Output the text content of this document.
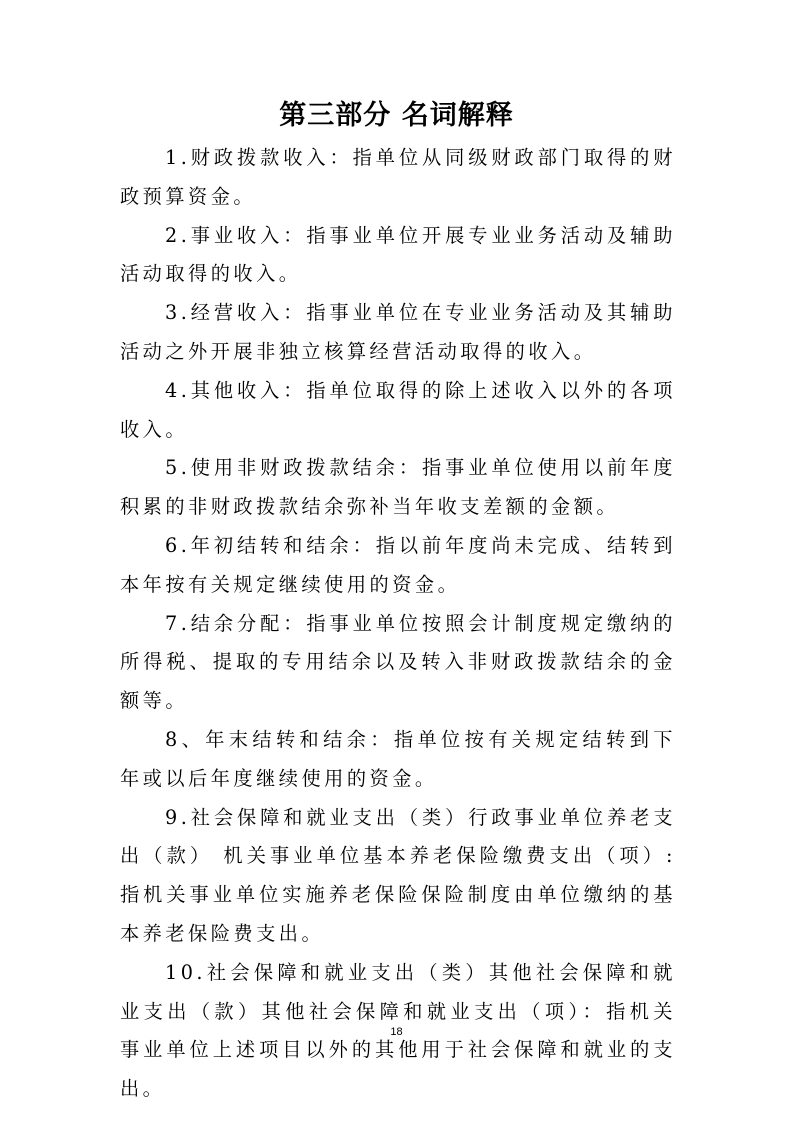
第三部分 名词解释

1.财政拨款收入：指单位从同级财政部门取得的财政预算资金。

2.事业收入：指事业单位开展专业业务活动及辅助活动取得的收入。

3.经营收入：指事业单位在专业业务活动及其辅助活动之外开展非独立核算经营活动取得的收入。

4.其他收入：指单位取得的除上述收入以外的各项收入。

5.使用非财政拨款结余：指事业单位使用以前年度积累的非财政拨款结余弥补当年收支差额的金额。

6.年初结转和结余：指以前年度尚未完成、结转到本年按有关规定继续使用的资金。

7.结余分配：指事业单位按照会计制度规定缴纳的所得税、提取的专用结余以及转入非财政拨款结余的金额等。

8、年末结转和结余：指单位按有关规定结转到下年或以后年度继续使用的资金。

9.社会保障和就业支出（类）行政事业单位养老支出（款） 机关事业单位基本养老保险缴费支出（项）:指机关事业单位实施养老保险保险制度由单位缴纳的基本养老保险费支出。

10.社会保障和就业支出（类）其他社会保障和就业支出（款）其他社会保障和就业支出（项）：指机关事业单位上述项目以外的其他用于社会保障和就业的支出。

18
